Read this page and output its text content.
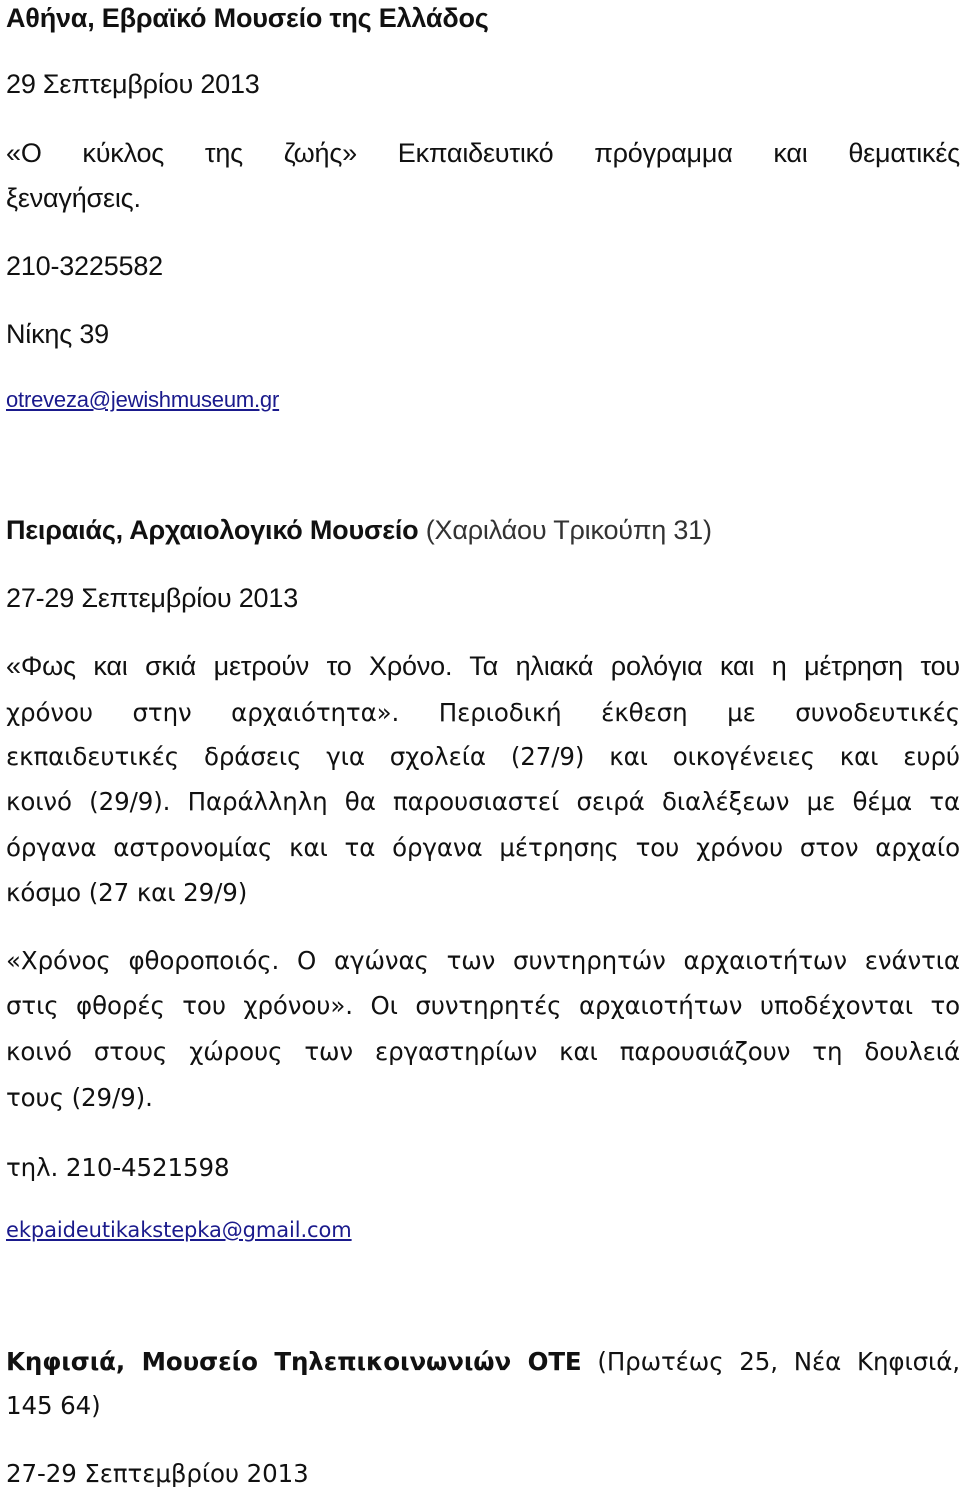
Αθήνα, Εβραϊκό Μουσείο της Ελλάδος
29 Σεπτεμβρίου 2013
«Ο κύκλος της ζωής» Εκπαιδευτικό πρόγραμμα και θεματικές
ξεναγήσεις.
210-3225582
Νίκης 39
otreveza@jewishmuseum.gr
Πειραιάς, Αρχαιολογικό Μουσείο (Χαριλάου Τρικούπη 31)
27-29 Σεπτεμβρίου 2013
«Φως και σκιά μετρούν το Χρόνο. Τα ηλιακά ρολόγια και η μέτρηση του
χρόνου στην αρχαιότητα». Περιοδική έκθεση με συνοδευτικές
εκπαιδευτικές δράσεις για σχολεία (27/9) και οικογένειες και ευρύ
κοινό (29/9). Παράλληλη θα παρουσιαστεί σειρά διαλέξεων με θέμα τα
όργανα αστρονομίας και τα όργανα μέτρησης του χρόνου στον αρχαίο
κόσμο (27 και 29/9)
«Χρόνος φθοροποιός. Ο αγώνας των συντηρητών αρχαιοτήτων ενάντια
στις φθορές του χρόνου». Οι συντηρητές αρχαιοτήτων υποδέχονται το
κοινό στους χώρους των εργαστηρίων και παρουσιάζουν τη δουλειά
τους (29/9).
τηλ. 210-4521598
ekpaideutikakstepka@gmail.com
Κηφισιά, Μουσείο Τηλεπικοινωνιών ΟΤΕ (Πρωτέως 25, Νέα Κηφισιά,
145 64)
27-29 Σεπτεμβρίου 2013
